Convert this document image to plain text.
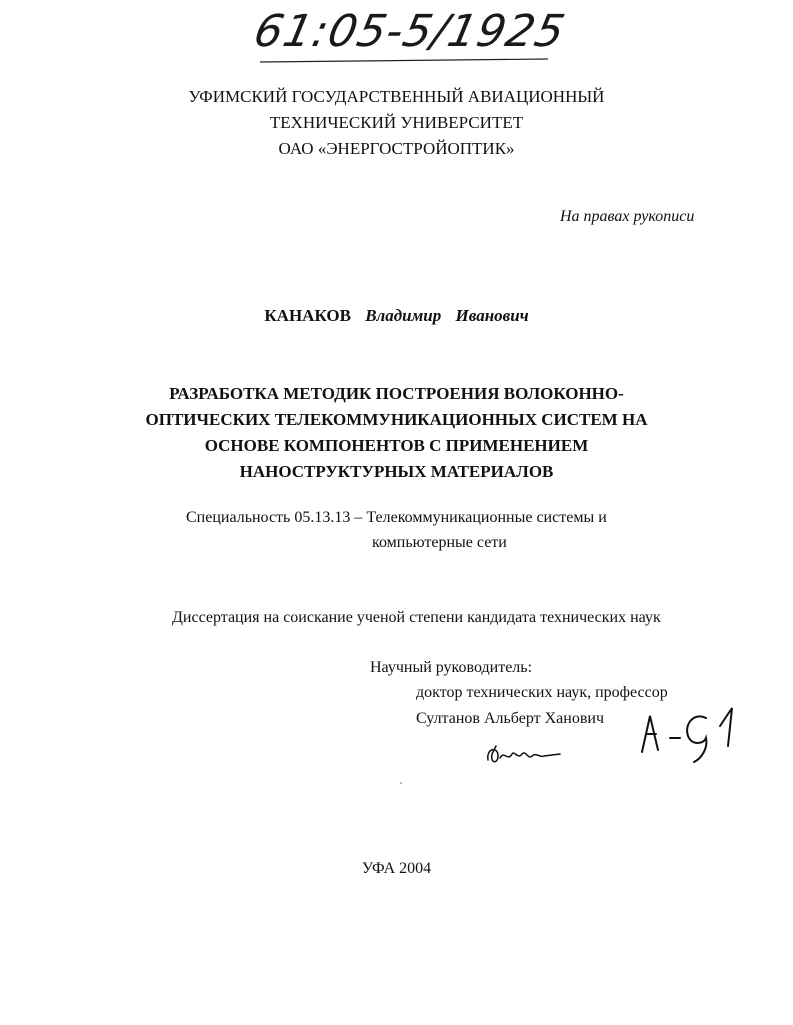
61:05-5/1925
УФИМСКИЙ ГОСУДАРСТВЕННЫЙ АВИАЦИОННЫЙ
ТЕХНИЧЕСКИЙ УНИВЕРСИТЕТ
ОАО «ЭНЕРГОСТРОЙОПТИК»
На правах рукописи
КАНАКОВ Владимир Иванович
РАЗРАБОТКА МЕТОДИК ПОСТРОЕНИЯ ВОЛОКОННО-
ОПТИЧЕСКИХ ТЕЛЕКОММУНИКАЦИОННЫХ СИСТЕМ НА
ОСНОВЕ КОМПОНЕНТОВ С ПРИМЕНЕНИЕМ
НАНОСТРУКТУРНЫХ МАТЕРИАЛОВ
Специальность 05.13.13 – Телекоммуникационные системы и
компьютерные сети
Диссертация на соискание ученой степени кандидата технических наук
Научный руководитель:
доктор технических наук, профессор
Султанов Альберт Ханович
УФА 2004
